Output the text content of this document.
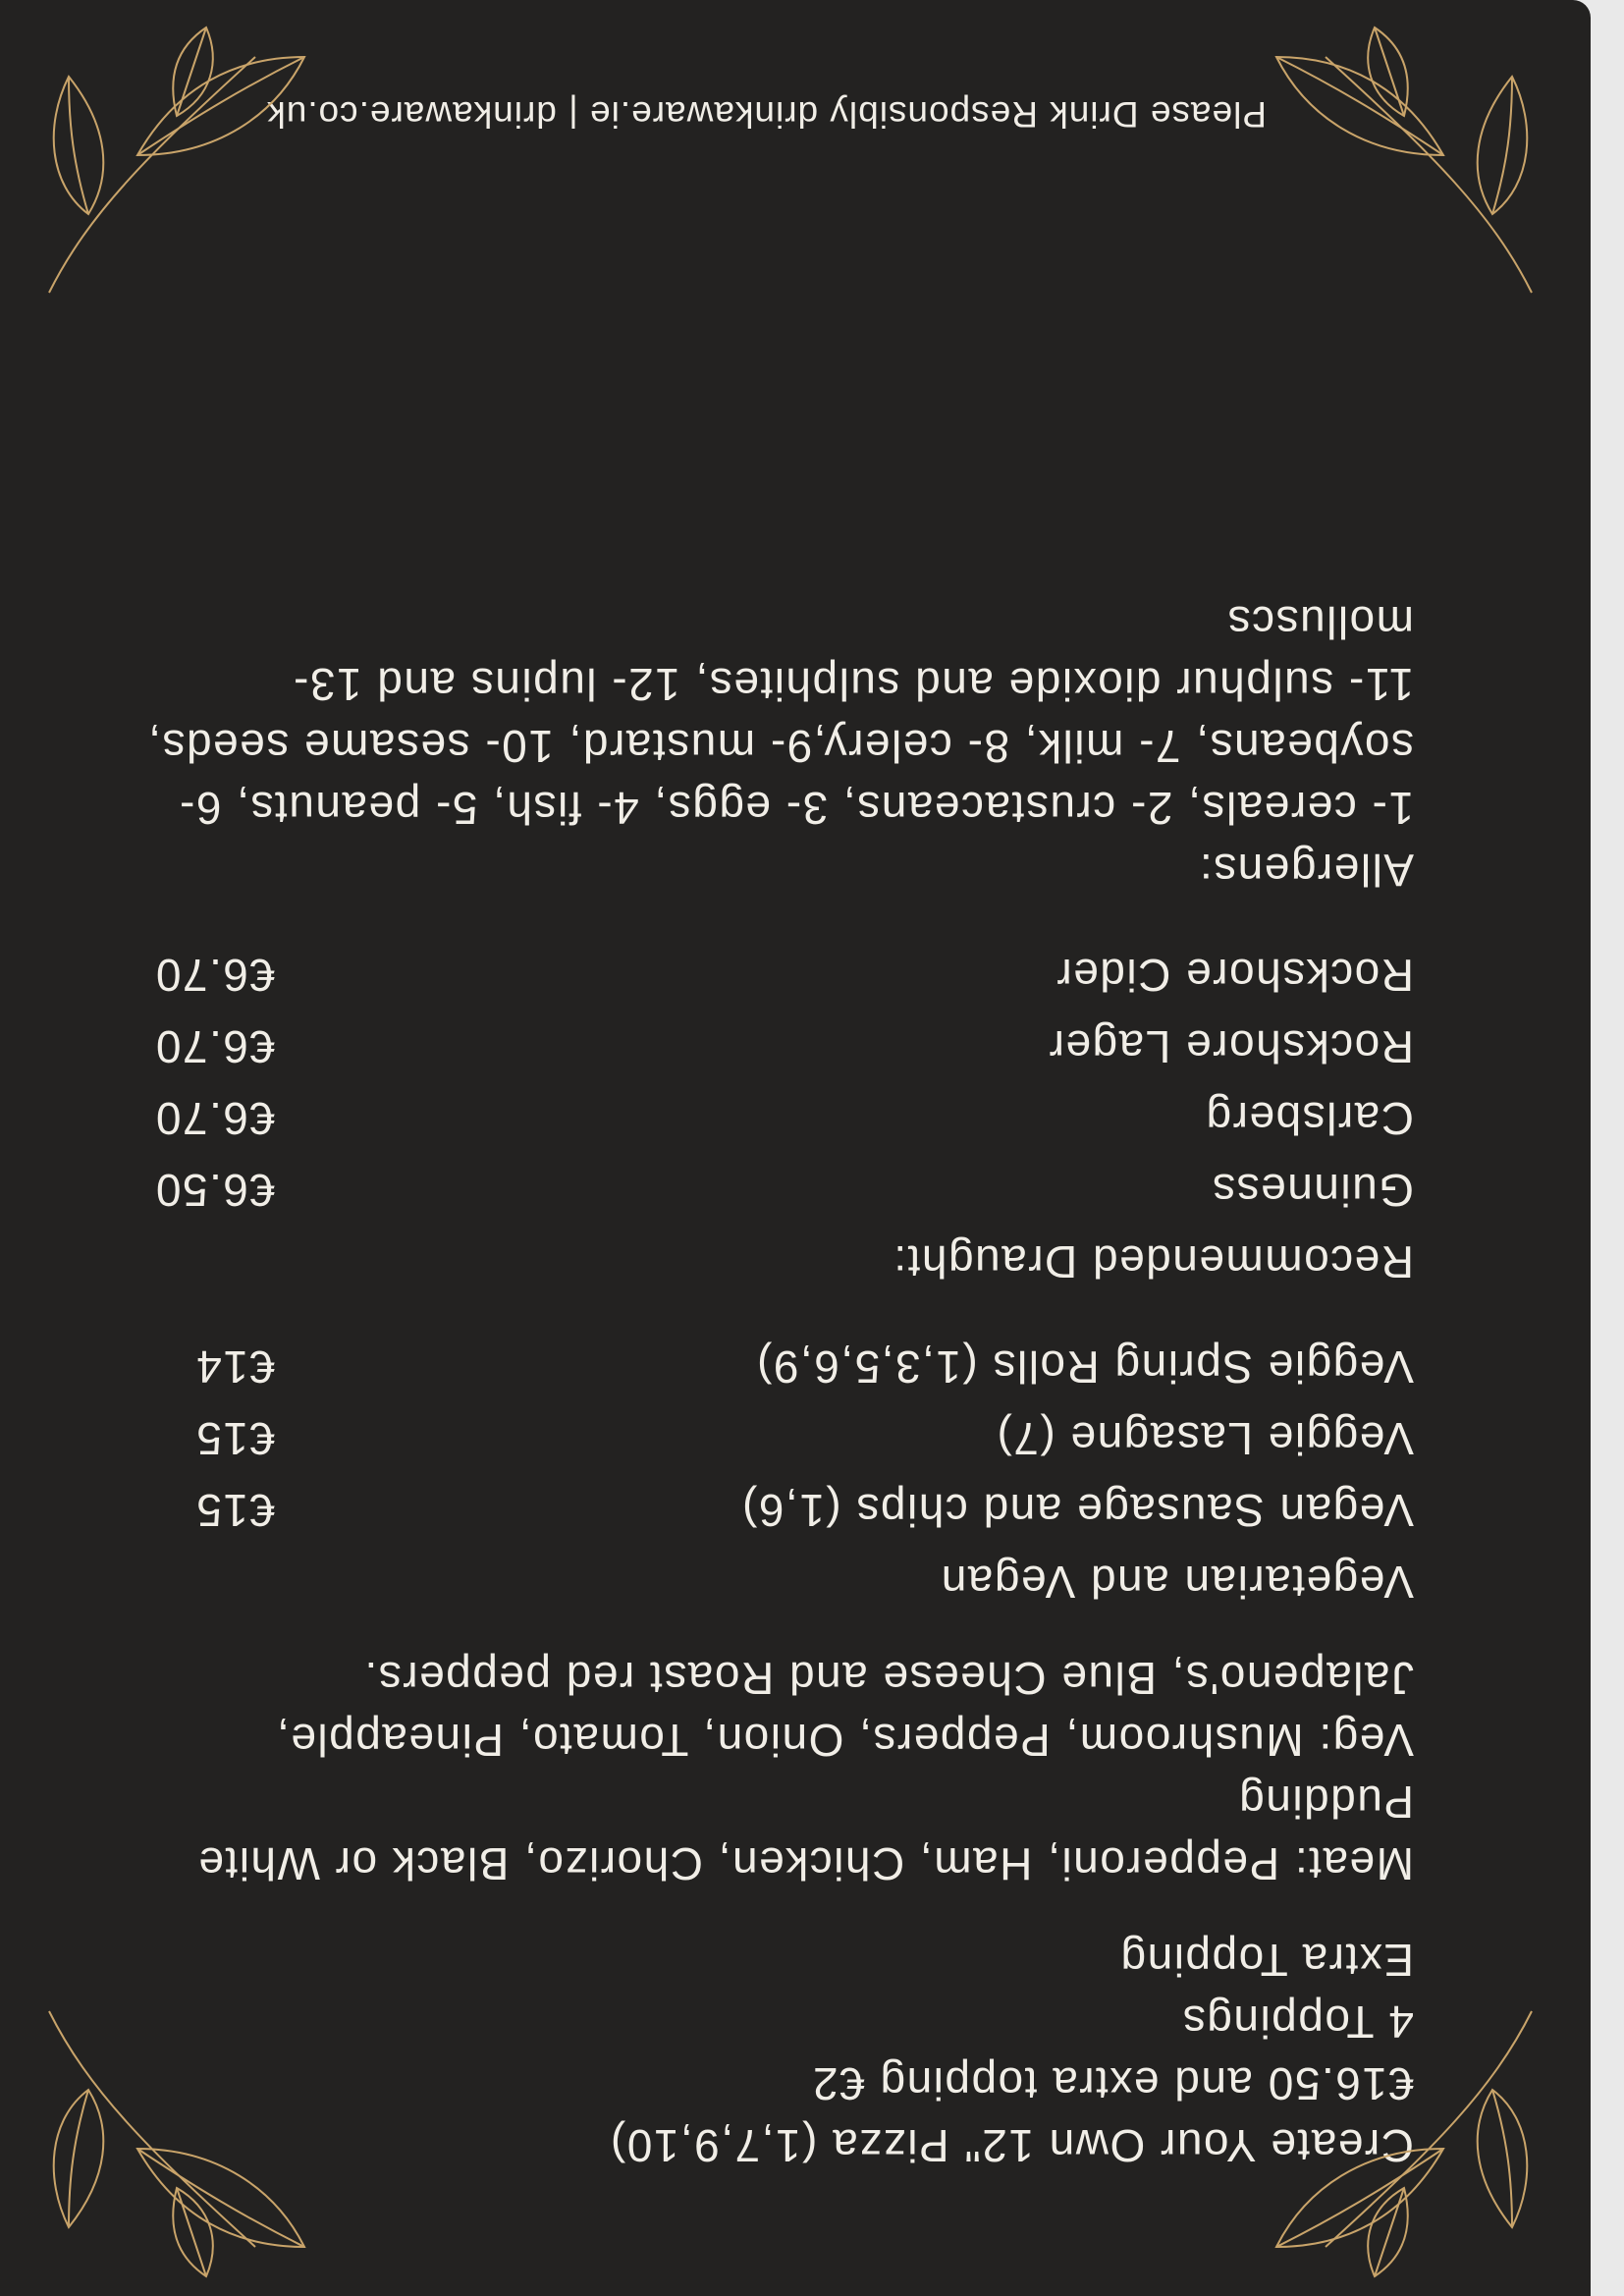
Create Your Own 12" Pizza (1,7,9,10)
€16.50 and extra topping €2
4 Toppings
Extra Topping
Meat: Pepperoni, Ham, Chicken, Chorizo, Black or White
Pudding
Veg: Mushroom, Peppers, Onion, Tomato, Pineapple,
Jalapeno's, Blue Cheese and Roast red peppers.
Vegetarian and Vegan
Vegan Sausage and chips (1,6)
€15
Veggie Lasagne (7)
€15
Veggie Spring Rolls (1,3,5,6,9)
€14
Recommended Draught:
Guinness
€6.50
Carlsberg
€6.70
Rockshore Lager
€6.70
Rockshore Cider
€6.70
Allergens:
1- cereals, 2- crustaceans, 3- eggs, 4- fish, 5- peanuts, 6-
soybeans, 7- milk, 8- celery,9- mustard, 10- sesame seeds,
11- sulphur dioxide and sulphites, 12- lupins and 13-
molluscs
Please Drink Responsibly drinkaware.ie | drinkaware.co.uk
